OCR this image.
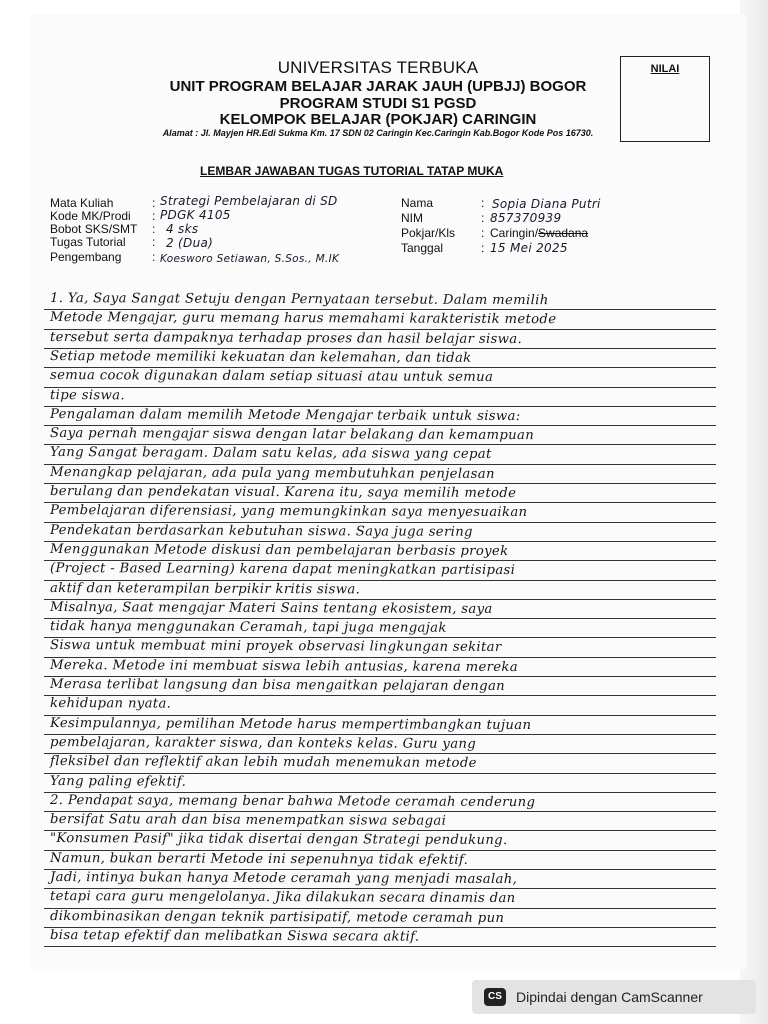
UNIVERSITAS TERBUKA
UNIT PROGRAM BELAJAR JARAK JAUH (UPBJJ) BOGOR
PROGRAM STUDI S1 PGSD
KELOMPOK BELAJAR (POKJAR) CARINGIN
Alamat : Jl. Mayjen HR.Edi Sukma Km. 17 SDN 02 Caringin Kec.Caringin Kab.Bogor Kode Pos 16730.
NILAI
LEMBAR JAWABAN TUGAS TUTORIAL TATAP MUKA
Mata Kuliah
Kode MK/Prodi
Bobot SKS/SMT
Tugas Tutorial
Pengembang
:
:
:
:
:
Strategi Pembelajaran di SD
PDGK 4105
4 sks
2 (Dua)
Koesworo Setiawan, S.Sos., M.IK
Nama
NIM
Pokjar/Kls
Tanggal
:
:
:
:
Sopia Diana Putri
857370939
Caringin/Swadana
15 Mei 2025
1. Ya, Saya Sangat Setuju dengan Pernyataan tersebut. Dalam memilih
Metode Mengajar, guru memang harus memahami karakteristik metode
tersebut serta dampaknya terhadap proses dan hasil belajar siswa.
Setiap metode memiliki kekuatan dan kelemahan, dan tidak
semua cocok digunakan dalam setiap situasi atau untuk semua
tipe siswa.
Pengalaman dalam memilih Metode Mengajar terbaik untuk siswa:
Saya pernah mengajar siswa dengan latar belakang dan kemampuan
Yang Sangat beragam. Dalam satu kelas, ada siswa yang cepat
Menangkap pelajaran, ada pula yang membutuhkan penjelasan
berulang dan pendekatan visual. Karena itu, saya memilih metode
Pembelajaran diferensiasi, yang memungkinkan saya menyesuaikan
Pendekatan berdasarkan kebutuhan siswa. Saya juga sering
Menggunakan Metode diskusi dan pembelajaran berbasis proyek
(Project - Based Learning) karena dapat meningkatkan partisipasi
aktif dan keterampilan berpikir kritis siswa.
Misalnya, Saat mengajar Materi Sains tentang ekosistem, saya
tidak hanya menggunakan Ceramah, tapi juga mengajak
Siswa untuk membuat mini proyek observasi lingkungan sekitar
Mereka. Metode ini membuat siswa lebih antusias, karena mereka
Merasa terlibat langsung dan bisa mengaitkan pelajaran dengan
kehidupan nyata.
Kesimpulannya, pemilihan Metode harus mempertimbangkan tujuan
pembelajaran, karakter siswa, dan konteks kelas. Guru yang
fleksibel dan reflektif akan lebih mudah menemukan metode
Yang paling efektif.
2. Pendapat saya, memang benar bahwa Metode ceramah cenderung
bersifat Satu arah dan bisa menempatkan siswa sebagai
"Konsumen Pasif" jika tidak disertai dengan Strategi pendukung.
Namun, bukan berarti Metode ini sepenuhnya tidak efektif.
Jadi, intinya bukan hanya Metode ceramah yang menjadi masalah,
tetapi cara guru mengelolanya. Jika dilakukan secara dinamis dan
dikombinasikan dengan teknik partisipatif, metode ceramah pun
bisa tetap efektif dan melibatkan Siswa secara aktif.
CS Dipindai dengan CamScanner
